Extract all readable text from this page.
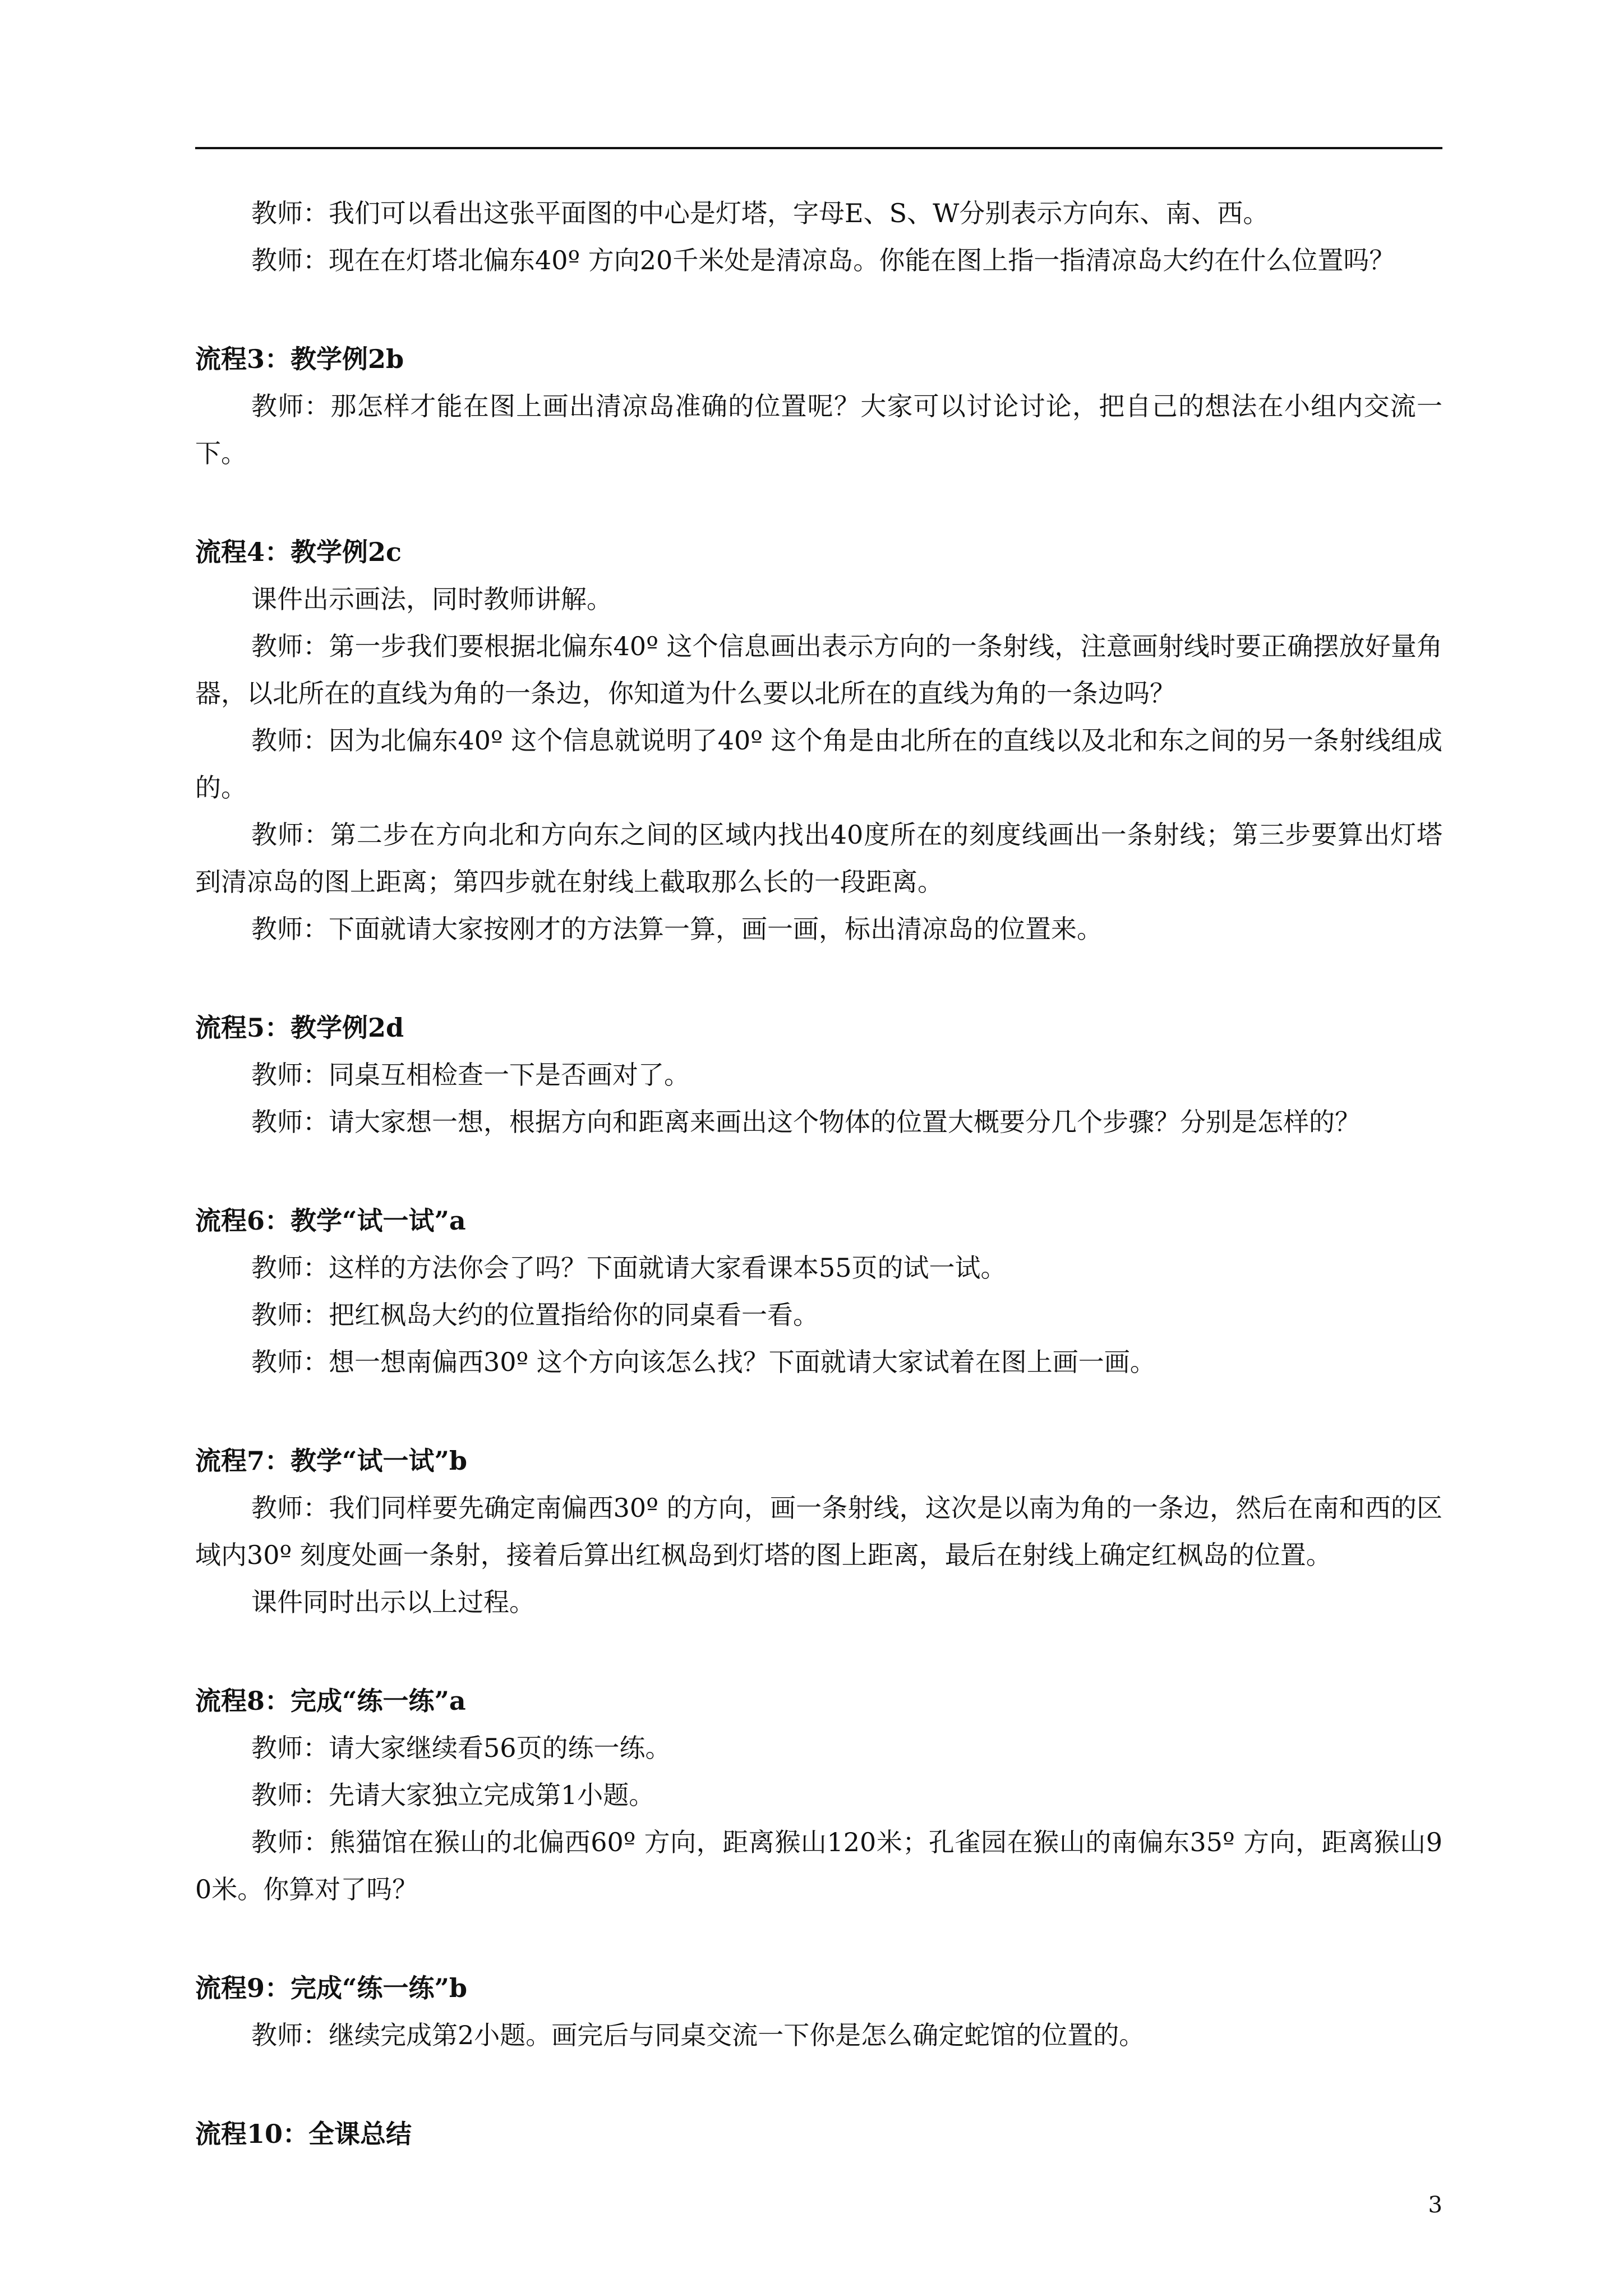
教师：我们可以看出这张平面图的中心是灯塔，字母E、S、W分别表示方向东、南、西。

教师：现在在灯塔北偏东40º 方向20千米处是清凉岛。你能在图上指一指清凉岛大约在什么位置吗？

流程3：教学例2b

教师：那怎样才能在图上画出清凉岛准确的位置呢？大家可以讨论讨论，把自己的想法在小组内交流一下。

流程4：教学例2c

课件出示画法，同时教师讲解。

教师：第一步我们要根据北偏东40º 这个信息画出表示方向的一条射线，注意画射线时要正确摆放好量角器，以北所在的直线为角的一条边，你知道为什么要以北所在的直线为角的一条边吗？

教师：因为北偏东40º 这个信息就说明了40º 这个角是由北所在的直线以及北和东之间的另一条射线组成的。

教师：第二步在方向北和方向东之间的区域内找出40度所在的刻度线画出一条射线；第三步要算出灯塔到清凉岛的图上距离；第四步就在射线上截取那么长的一段距离。

教师：下面就请大家按刚才的方法算一算，画一画，标出清凉岛的位置来。

流程5：教学例2d

教师：同桌互相检查一下是否画对了。

教师：请大家想一想，根据方向和距离来画出这个物体的位置大概要分几个步骤？分别是怎样的？

流程6：教学“试一试”a

教师：这样的方法你会了吗？下面就请大家看课本55页的试一试。

教师：把红枫岛大约的位置指给你的同桌看一看。

教师：想一想南偏西30º 这个方向该怎么找？下面就请大家试着在图上画一画。

流程7：教学“试一试”b

教师：我们同样要先确定南偏西30º 的方向，画一条射线，这次是以南为角的一条边，然后在南和西的区域内30º 刻度处画一条射，接着后算出红枫岛到灯塔的图上距离，最后在射线上确定红枫岛的位置。

课件同时出示以上过程。

流程8：完成“练一练”a

教师：请大家继续看56页的练一练。

教师：先请大家独立完成第1小题。

教师：熊猫馆在猴山的北偏西60º 方向，距离猴山120米；孔雀园在猴山的南偏东35º 方向，距离猴山90米。你算对了吗？

流程9：完成“练一练”b

教师：继续完成第2小题。画完后与同桌交流一下你是怎么确定蛇馆的位置的。

流程10：全课总结

3
